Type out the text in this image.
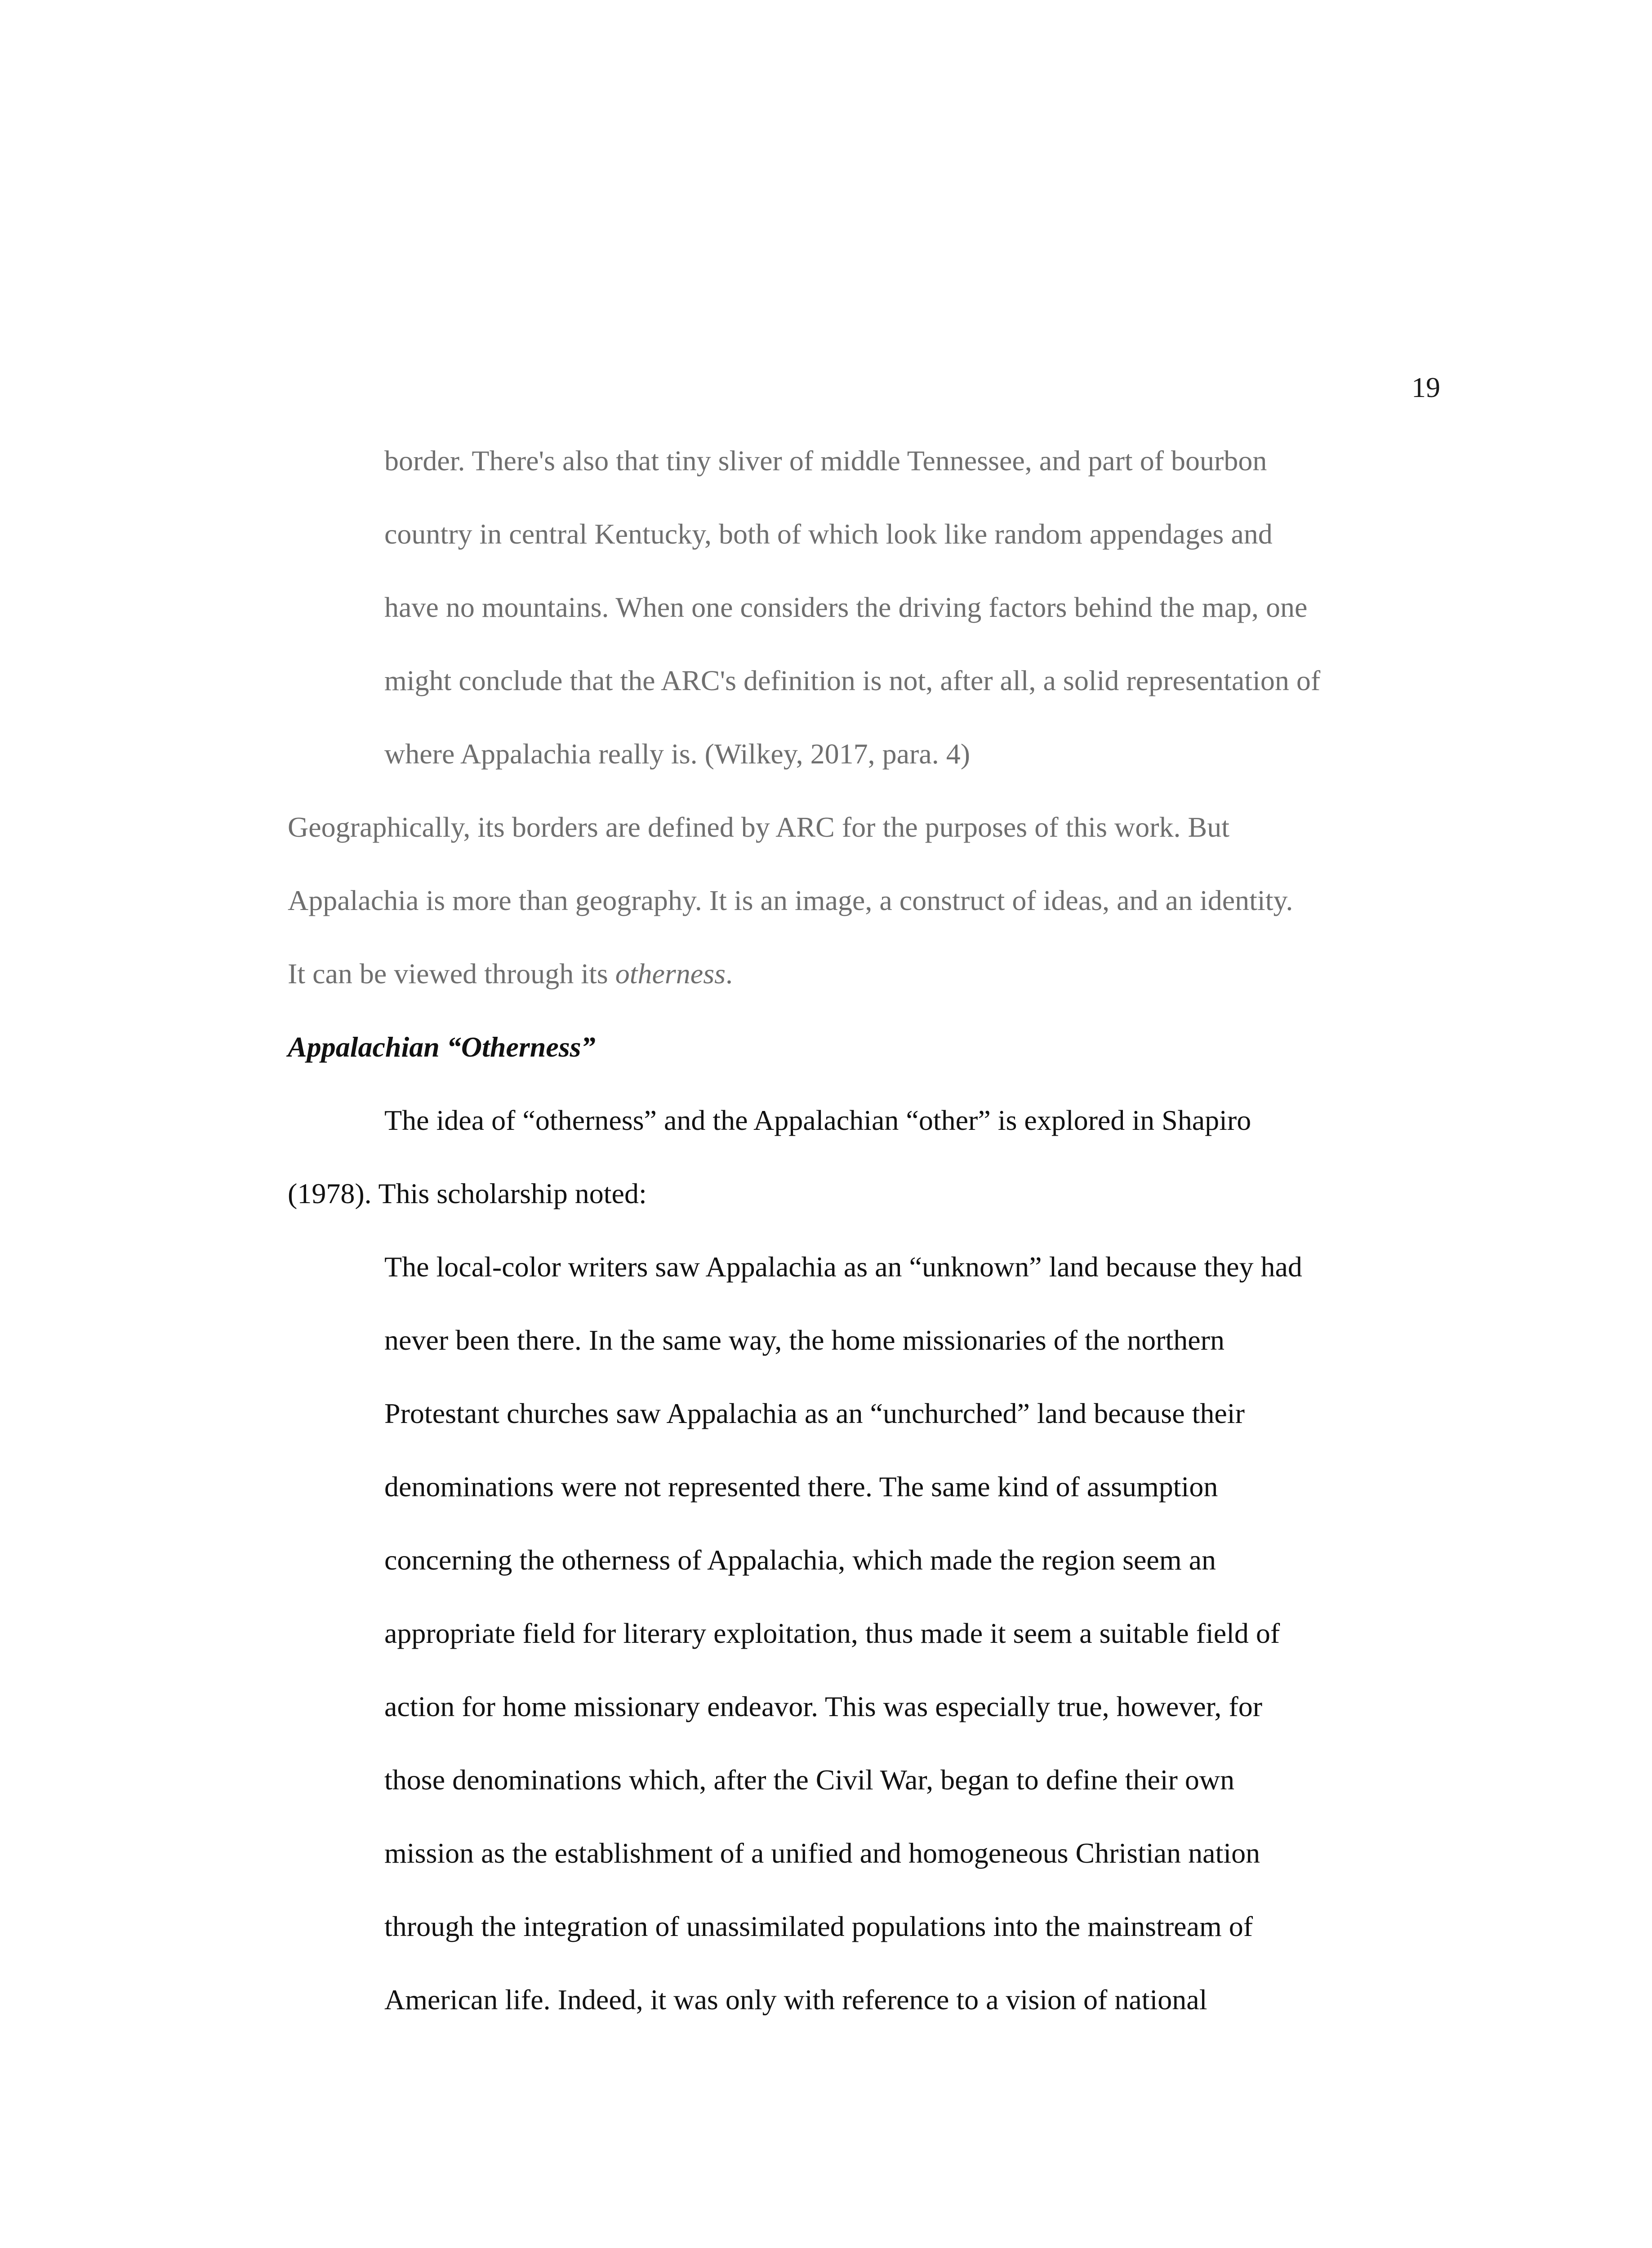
19

border. There's also that tiny sliver of middle Tennessee, and part of bourbon

country in central Kentucky, both of which look like random appendages and

have no mountains. When one considers the driving factors behind the map, one

might conclude that the ARC's definition is not, after all, a solid representation of

where Appalachia really is. (Wilkey, 2017, para. 4)

Geographically, its borders are defined by ARC for the purposes of this work. But

Appalachia is more than geography. It is an image, a construct of ideas, and an identity.

It can be viewed through its otherness.

Appalachian “Otherness”

The idea of “otherness” and the Appalachian “other” is explored in Shapiro

(1978). This scholarship noted:

The local-color writers saw Appalachia as an “unknown” land because they had

never been there. In the same way, the home missionaries of the northern

Protestant churches saw Appalachia as an “unchurched” land because their

denominations were not represented there. The same kind of assumption

concerning the otherness of Appalachia, which made the region seem an

appropriate field for literary exploitation, thus made it seem a suitable field of

action for home missionary endeavor. This was especially true, however, for

those denominations which, after the Civil War, began to define their own

mission as the establishment of a unified and homogeneous Christian nation

through the integration of unassimilated populations into the mainstream of

American life. Indeed, it was only with reference to a vision of national
